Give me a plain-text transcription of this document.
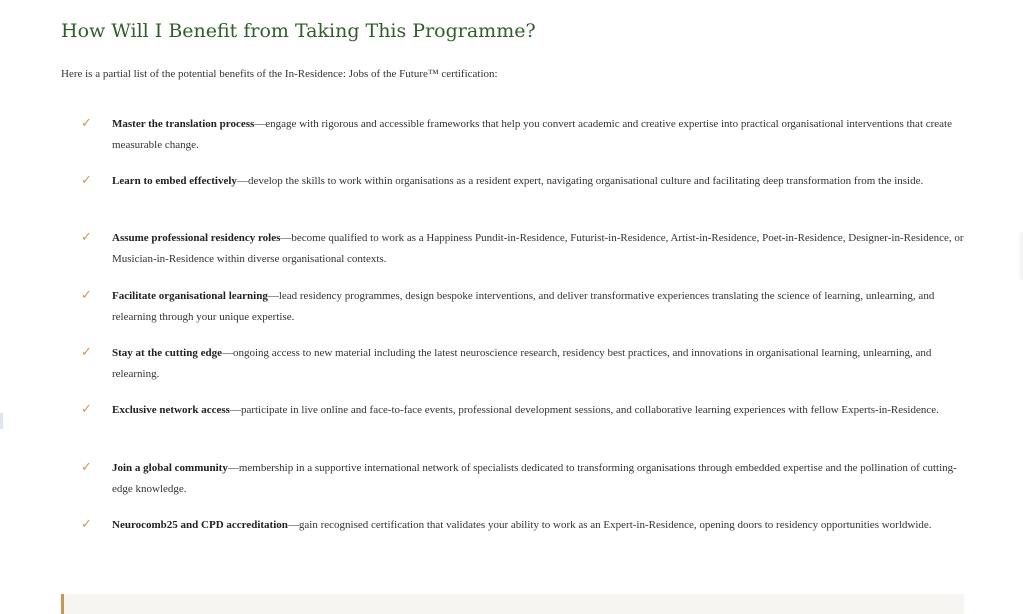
How Will I Benefit from Taking This Programme?

Here is a partial list of the potential benefits of the In-Residence: Jobs of the Future™ certification:

✓ Master the translation process—engage with rigorous and accessible frameworks that help you convert academic and creative expertise into practical organisational interventions that create measurable change.
✓ Learn to embed effectively—develop the skills to work within organisations as a resident expert, navigating organisational culture and facilitating deep transformation from the inside.
✓ Assume professional residency roles—become qualified to work as a Happiness Pundit-in-Residence, Futurist-in-Residence, Artist-in-Residence, Poet-in-Residence, Designer-in-Residence, or Musician-in-Residence within diverse organisational contexts.
✓ Facilitate organisational learning—lead residency programmes, design bespoke interventions, and deliver transformative experiences translating the science of learning, unlearning, and relearning through your unique expertise.
✓ Stay at the cutting edge—ongoing access to new material including the latest neuroscience research, residency best practices, and innovations in organisational learning, unlearning, and relearning.
✓ Exclusive network access—participate in live online and face-to-face events, professional development sessions, and collaborative learning experiences with fellow Experts-in-Residence.
✓ Join a global community—membership in a supportive international network of specialists dedicated to transforming organisations through embedded expertise and the pollination of cutting-edge knowledge.
✓ Neurocomb25 and CPD accreditation—gain recognised certification that validates your ability to work as an Expert-in-Residence, opening doors to residency opportunities worldwide.
